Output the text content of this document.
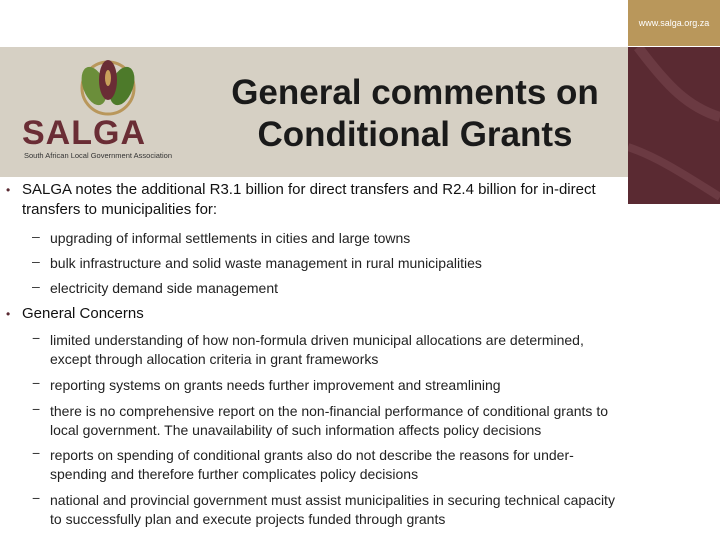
www.salga.org.za
SALGA
South African Local Government Association
General comments on
Conditional Grants
• SALGA notes the additional R3.1 billion for direct transfers and R2.4 billion for in-direct
transfers to municipalities for:
– upgrading of informal settlements in cities and large towns
– bulk infrastructure and solid waste management in rural municipalities
– electricity demand side management
• General Concerns
− limited understanding of how non-formula driven municipal allocations are determined,
except through allocation criteria in grant frameworks
− reporting systems on grants needs further improvement and streamlining
− there is no comprehensive report on the non-financial performance of conditional grants to
local government. The unavailability of such information affects policy decisions
− reports on spending of conditional grants also do not describe the reasons for under-
spending and therefore further complicates policy decisions
− national and provincial government must assist municipalities in securing technical capacity
to successfully plan and execute projects funded through grants
